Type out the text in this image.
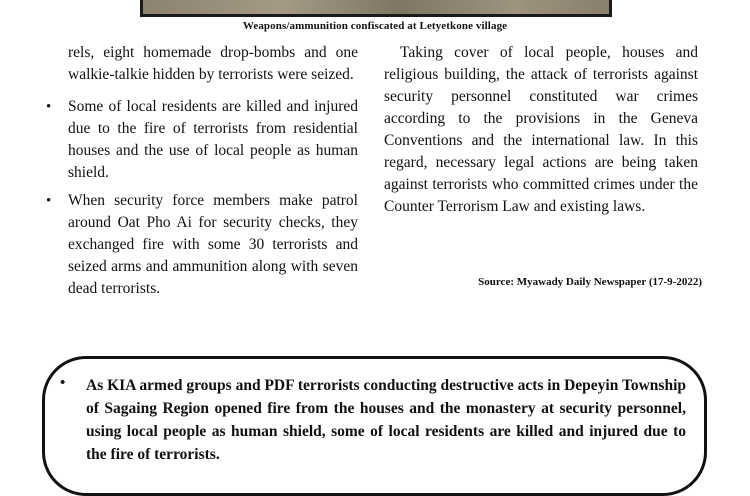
Weapons/ammunition confiscated at Letyetkone village

rels, eight homemade drop-bombs and one walkie-talkie hidden by terrorists were seized.

• Some of local residents are killed and injured due to the fire of terrorists from residential houses and the use of local people as human shield.
• When security force members make patrol around Oat Pho Ai for security checks, they exchanged fire with some 30 terrorists and seized arms and ammunition along with seven dead terrorists.

Taking cover of local people, houses and religious building, the attack of terrorists against security personnel constituted war crimes according to the provisions in the Geneva Conventions and the international law. In this regard, necessary legal actions are being taken against terrorists who committed crimes under the Counter Terrorism Law and existing laws.

Source: Myawady Daily Newspaper (17-9-2022)
• As KIA armed groups and PDF terrorists conducting destructive acts in Depeyin Township of Sagaing Region opened fire from the houses and the monastery at security personnel, using local people as human shield, some of local residents are killed and injured due to the fire of terrorists.
